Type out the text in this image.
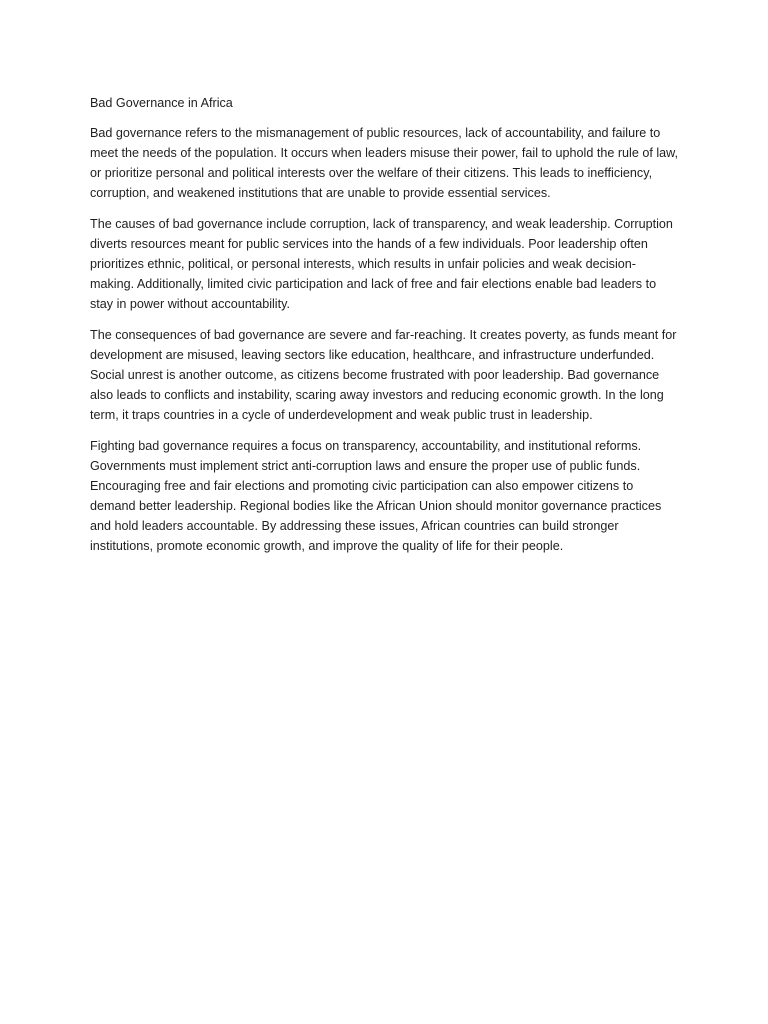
Bad Governance in Africa

Bad governance refers to the mismanagement of public resources, lack of accountability, and failure to meet the needs of the population. It occurs when leaders misuse their power, fail to uphold the rule of law, or prioritize personal and political interests over the welfare of their citizens. This leads to inefficiency, corruption, and weakened institutions that are unable to provide essential services.

The causes of bad governance include corruption, lack of transparency, and weak leadership. Corruption diverts resources meant for public services into the hands of a few individuals. Poor leadership often prioritizes ethnic, political, or personal interests, which results in unfair policies and weak decision-making. Additionally, limited civic participation and lack of free and fair elections enable bad leaders to stay in power without accountability.

The consequences of bad governance are severe and far-reaching. It creates poverty, as funds meant for development are misused, leaving sectors like education, healthcare, and infrastructure underfunded. Social unrest is another outcome, as citizens become frustrated with poor leadership. Bad governance also leads to conflicts and instability, scaring away investors and reducing economic growth. In the long term, it traps countries in a cycle of underdevelopment and weak public trust in leadership.

Fighting bad governance requires a focus on transparency, accountability, and institutional reforms. Governments must implement strict anti-corruption laws and ensure the proper use of public funds. Encouraging free and fair elections and promoting civic participation can also empower citizens to demand better leadership. Regional bodies like the African Union should monitor governance practices and hold leaders accountable. By addressing these issues, African countries can build stronger institutions, promote economic growth, and improve the quality of life for their people.
